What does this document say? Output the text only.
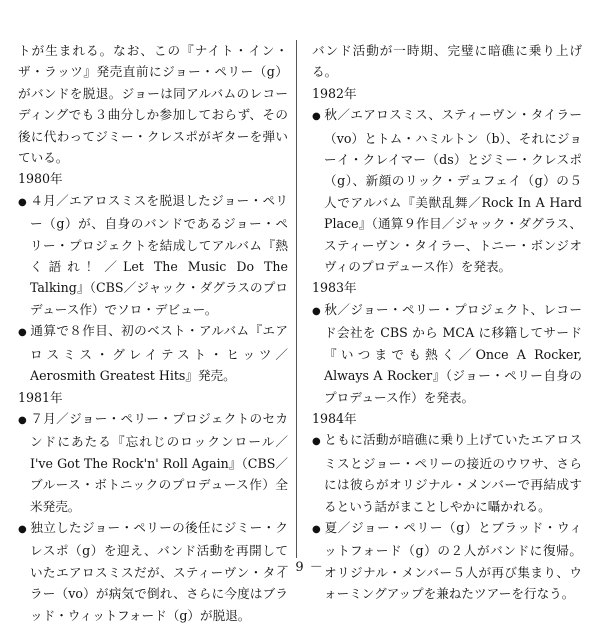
トが生まれる。なお、この『ナイト・イン・ザ・ラッツ』発売直前にジョー・ペリー（g）がバンドを脱退。ジョーは同アルバムのレコーディングでも３曲分しか参加しておらず、その後に代わってジミー・クレスポがギターを弾いている。
1980年
● ４月／エアロスミスを脱退したジョー・ペリー（g）が、自身のバンドであるジョー・ペリー・プロジェクトを結成してアルバム『熱く語れ！／Let The Music Do The Talking』（CBS／ジャック・ダグラスのプロデュース作）でソロ・デビュー。
● 通算で８作目、初のベスト・アルバム『エアロスミス・グレイテスト・ヒッツ／Aerosmith Greatest Hits』発売。
1981年
● ７月／ジョー・ペリー・プロジェクトのセカンドにあたる『忘れじのロックンロール／I've Got The Rock'n' Roll Again』（CBS／ブルース・ボトニックのプロデュース作）全米発売。
● 独立したジョー・ペリーの後任にジミー・クレスポ（g）を迎え、バンド活動を再開していたエアロスミスだが、スティーヴン・タイラー（vo）が病気で倒れ、さらに今度はブラッド・ウィットフォード（g）が脱退。
バンド活動が一時期、完璧に暗礁に乗り上げる。
1982年
● 秋／エアロスミス、スティーヴン・タイラー（vo）とトム・ハミルトン（b）、それにジョーイ・クレイマー（ds）とジミー・クレスポ（g）、新顔のリック・デュフェイ（g）の５人でアルバム『美獣乱舞／Rock In A Hard Place』（通算９作目／ジャック・ダグラス、スティーヴン・タイラー、トニー・ボンジオヴィのプロデュース作）を発表。
1983年
● 秋／ジョー・ペリー・プロジェクト、レコード会社を CBS から MCA に移籍してサード『いつまでも熱く／Once A Rocker, Always A Rocker』（ジョー・ペリー自身のプロデュース作）を発表。
1984年
● ともに活動が暗礁に乗り上げていたエアロスミスとジョー・ペリーの接近のウワサ、さらには彼らがオリジナル・メンバーで再結成するという話がまことしやかに囁かれる。
● 夏／ジョー・ペリー（g）とブラッド・ウィットフォード（g）の２人がバンドに復帰。オリジナル・メンバー５人が再び集まり、ウォーミングアップを兼ねたツアーを行なう。
－ 9 －
